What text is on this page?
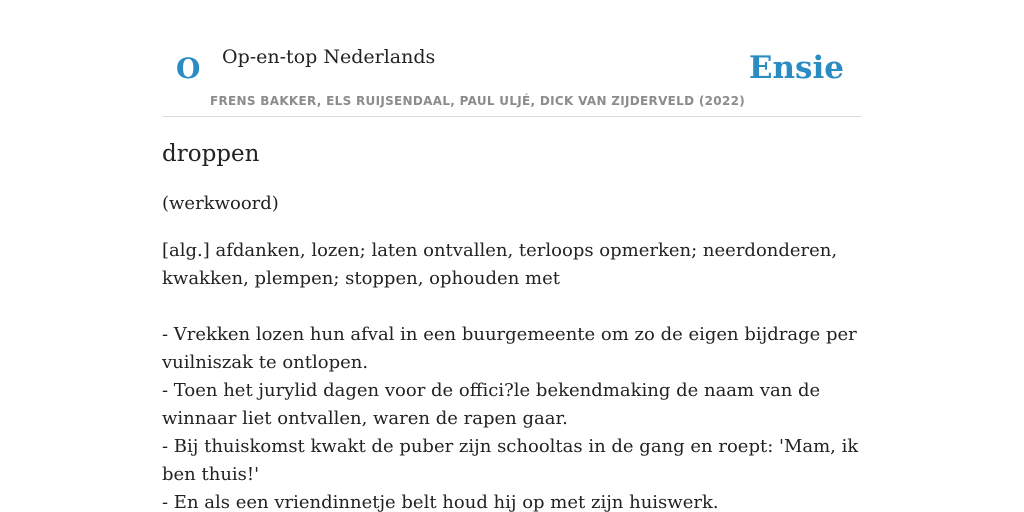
O Op-en-top Nederlands
FRENS BAKKER, ELS RUIJSENDAAL, PAUL ULJÉ, DICK VAN ZIJDERVELD (2022)
Ensie
droppen
(werkwoord)
[alg.] afdanken, lozen; laten ontvallen, terloops opmerken; neerdonderen, kwakken, plempen; stoppen, ophouden met
- Vrekken lozen hun afval in een buurgemeente om zo de eigen bijdrage per vuilniszak te ontlopen.
- Toen het jurylid dagen voor de offici?le bekendmaking de naam van de winnaar liet ontvallen, waren de rapen gaar.
- Bij thuiskomst kwakt de puber zijn schooltas in de gang en roept: 'Mam, ik ben thuis!'
- En als een vriendinnetje belt houd hij op met zijn huiswerk.
